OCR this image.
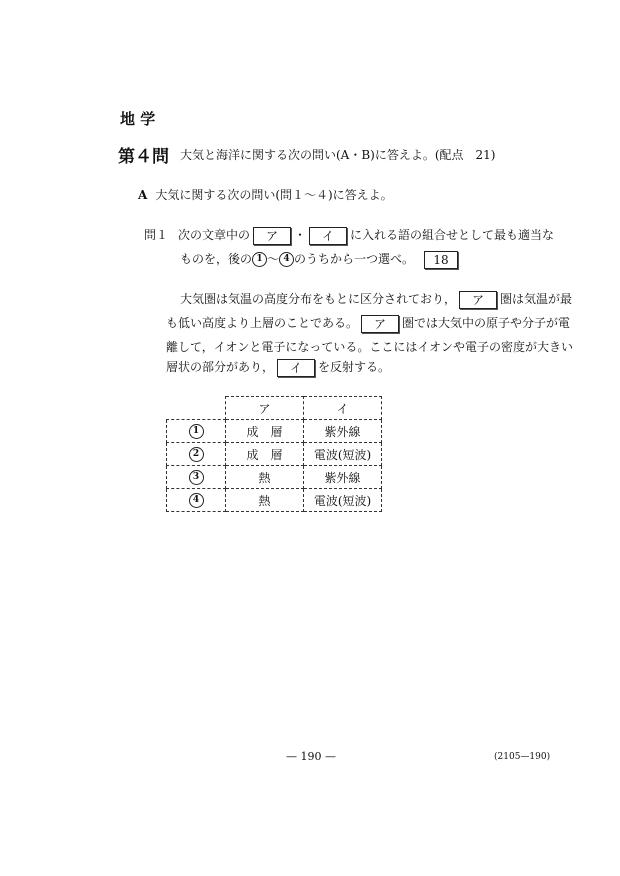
地 学
第４問 大気と海洋に関する次の問い(A・B)に答えよ。(配点　21)
A 大気に関する次の問い(問１～４)に答えよ。
問１ 次の文章中の ア ・ イ に入れる語の組合せとして最も適当な
ものを，後の 1 ～ 4 のうちから一つ選べ。 18
大気圏は気温の高度分布をもとに区分されており， ア 圏は気温が最
も低い高度より上層のことである。 ア 圏では大気中の原子や分子が電
離して，イオンと電子になっている。ここにはイオンや電子の密度が大きい
層状の部分があり， イ を反射する。
	ア	イ
1	成　層	紫外線
2	成　層	電波(短波)
3	熱	紫外線
4	熱	電波(短波)
— 190 —	(2105—190)
